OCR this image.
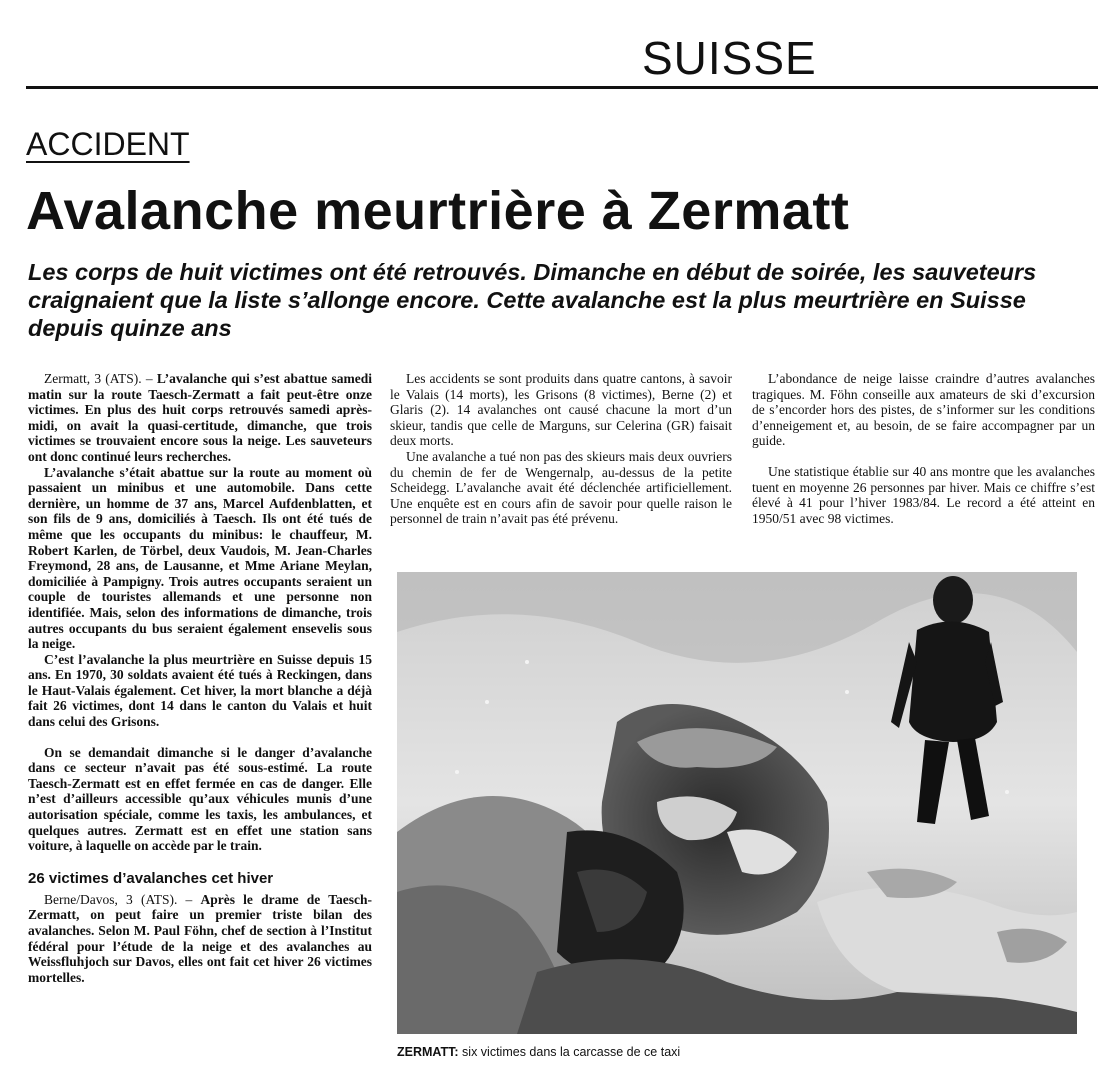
SUISSE
ACCIDENT
Avalanche meurtrière à Zermatt
Les corps de huit victimes ont été retrouvés. Dimanche en début de soirée, les sauveteurs craignaient que la liste s’allonge encore. Cette avalanche est la plus meurtrière en Suisse depuis quinze ans

Zermatt, 3 (ATS). – L’avalanche qui s’est abattue samedi matin sur la route Taesch-Zermatt a fait peut-être onze victimes. En plus des huit corps retrouvés samedi après-midi, on avait la quasi-certitude, dimanche, que trois victimes se trouvaient encore sous la neige. Les sauveteurs ont donc continué leurs recherches.

L’avalanche s’était abattue sur la route au moment où passaient un minibus et une automobile. Dans cette dernière, un homme de 37 ans, Marcel Aufdenblatten, et son fils de 9 ans, domiciliés à Taesch. Ils ont été tués de même que les occupants du minibus: le chauffeur, M. Robert Karlen, de Törbel, deux Vaudois, M. Jean-Charles Freymond, 28 ans, de Lausanne, et Mme Ariane Meylan, domiciliée à Pampigny. Trois autres occupants seraient un couple de touristes allemands et une personne non identifiée. Mais, selon des informations de dimanche, trois autres occupants du bus seraient également ensevelis sous la neige.

C’est l’avalanche la plus meurtrière en Suisse depuis 15 ans. En 1970, 30 soldats avaient été tués à Reckingen, dans le Haut-Valais également. Cet hiver, la mort blanche a déjà fait 26 victimes, dont 14 dans le canton du Valais et huit dans celui des Grisons.

On se demandait dimanche si le danger d’avalanche dans ce secteur n’avait pas été sous-estimé. La route Taesch-Zermatt est en effet fermée en cas de danger. Elle n’est d’ailleurs accessible qu’aux véhicules munis d’une autorisation spéciale, comme les taxis, les ambulances, et quelques autres. Zermatt est en effet une station sans voiture, à laquelle on accède par le train.

26 victimes d’avalanches cet hiver

Berne/Davos, 3 (ATS). – Après le drame de Taesch-Zermatt, on peut faire un premier triste bilan des avalanches. Selon M. Paul Föhn, chef de section à l’Institut fédéral pour l’étude de la neige et des avalanches au Weissfluhjoch sur Davos, elles ont fait cet hiver 26 victimes mortelles.

Les accidents se sont produits dans quatre cantons, à savoir le Valais (14 morts), les Grisons (8 victimes), Berne (2) et Glaris (2). 14 avalanches ont causé chacune la mort d’un skieur, tandis que celle de Marguns, sur Celerina (GR) faisait deux morts.

Une avalanche a tué non pas des skieurs mais deux ouvriers du chemin de fer de Wengernalp, au-dessus de la petite Scheidegg. L’avalanche avait été déclenchée artificiellement. Une enquête est en cours afin de savoir pour quelle raison le personnel de train n’avait pas été prévenu.

L’abondance de neige laisse craindre d’autres avalanches tragiques. M. Föhn conseille aux amateurs de ski d’excursion de s’encorder hors des pistes, de s’informer sur les conditions d’enneigement et, au besoin, de se faire accompagner par un guide.

Une statistique établie sur 40 ans montre que les avalanches tuent en moyenne 26 personnes par hiver. Mais ce chiffre s’est élevé à 41 pour l’hiver 1983/84. Le record a été atteint en 1950/51 avec 98 victimes.

ZERMATT: six victimes dans la carcasse de ce taxi
